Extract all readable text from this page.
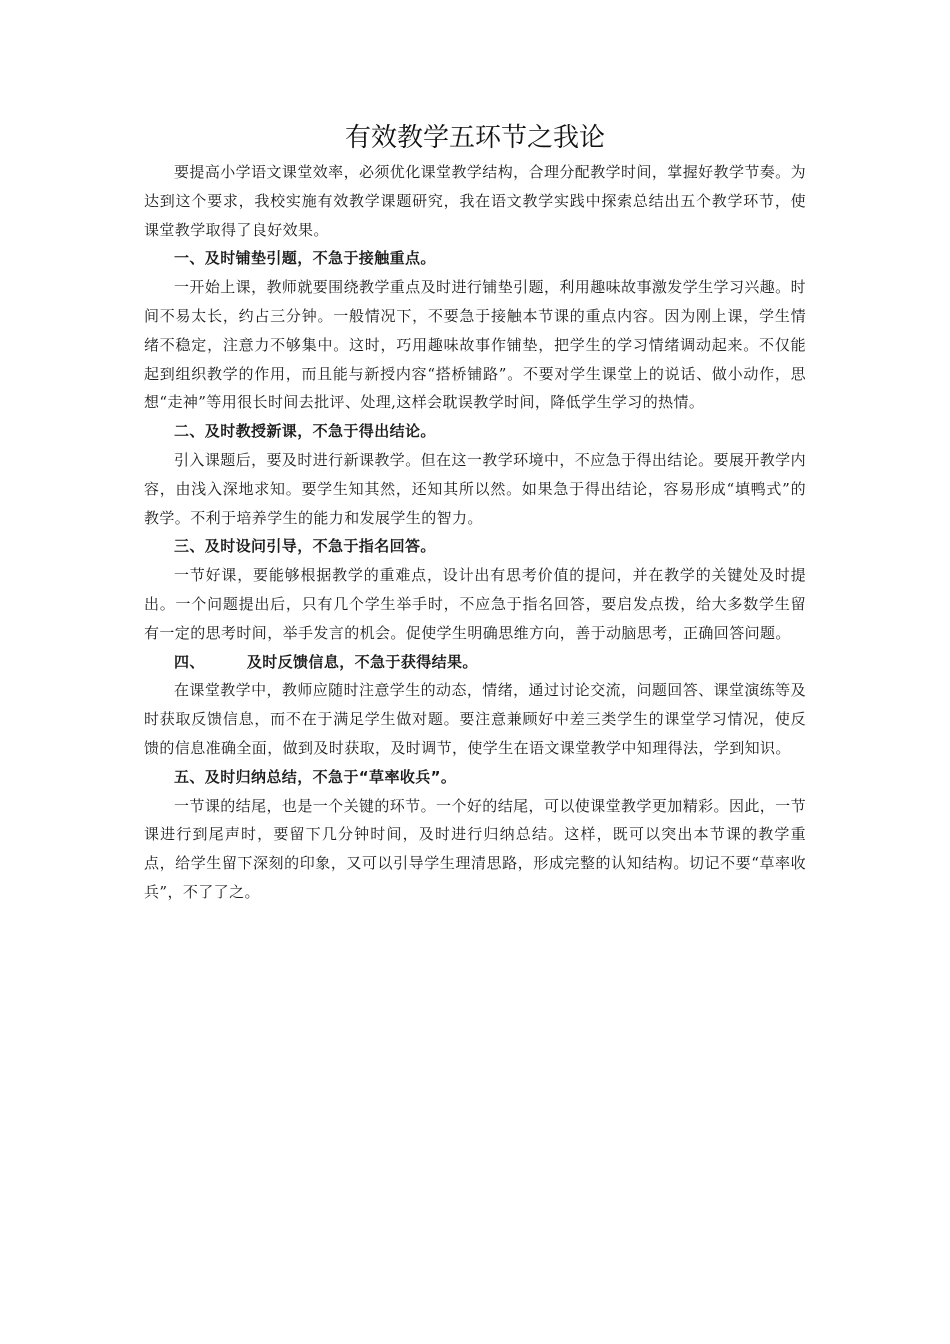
有效教学五环节之我论

要提高小学语文课堂效率，必须优化课堂教学结构，合理分配教学时间，掌握好教学节奏。为达到这个要求，我校实施有效教学课题研究，我在语文教学实践中探索总结出五个教学环节，使课堂教学取得了良好效果。

一、及时铺垫引题，不急于接触重点。

一开始上课，教师就要围绕教学重点及时进行铺垫引题，利用趣味故事激发学生学习兴趣。时间不易太长，约占三分钟。一般情况下，不要急于接触本节课的重点内容。因为刚上课，学生情绪不稳定，注意力不够集中。这时，巧用趣味故事作铺垫，把学生的学习情绪调动起来。不仅能起到组织教学的作用，而且能与新授内容“搭桥铺路”。不要对学生课堂上的说话、做小动作，思想“走神”等用很长时间去批评、处理,这样会耽误教学时间，降低学生学习的热情。

二、及时教授新课，不急于得出结论。

引入课题后，要及时进行新课教学。但在这一教学环境中，不应急于得出结论。要展开教学内容，由浅入深地求知。要学生知其然，还知其所以然。如果急于得出结论，容易形成“填鸭式”的教学。不利于培养学生的能力和发展学生的智力。

三、及时设问引导，不急于指名回答。

一节好课，要能够根据教学的重难点，设计出有思考价值的提问，并在教学的关键处及时提出。一个问题提出后，只有几个学生举手时，不应急于指名回答，要启发点拨，给大多数学生留有一定的思考时间，举手发言的机会。促使学生明确思维方向，善于动脑思考，正确回答问题。

四、	及时反馈信息，不急于获得结果。

在课堂教学中，教师应随时注意学生的动态，情绪，通过讨论交流，问题回答、课堂演练等及时获取反馈信息，而不在于满足学生做对题。要注意兼顾好中差三类学生的课堂学习情况，使反馈的信息准确全面，做到及时获取，及时调节，使学生在语文课堂教学中知理得法，学到知识。

五、及时归纳总结，不急于“草率收兵”。

一节课的结尾，也是一个关键的环节。一个好的结尾，可以使课堂教学更加精彩。因此，一节课进行到尾声时，要留下几分钟时间，及时进行归纳总结。这样，既可以突出本节课的教学重点，给学生留下深刻的印象，又可以引导学生理清思路，形成完整的认知结构。切记不要“草率收兵”，不了了之。
